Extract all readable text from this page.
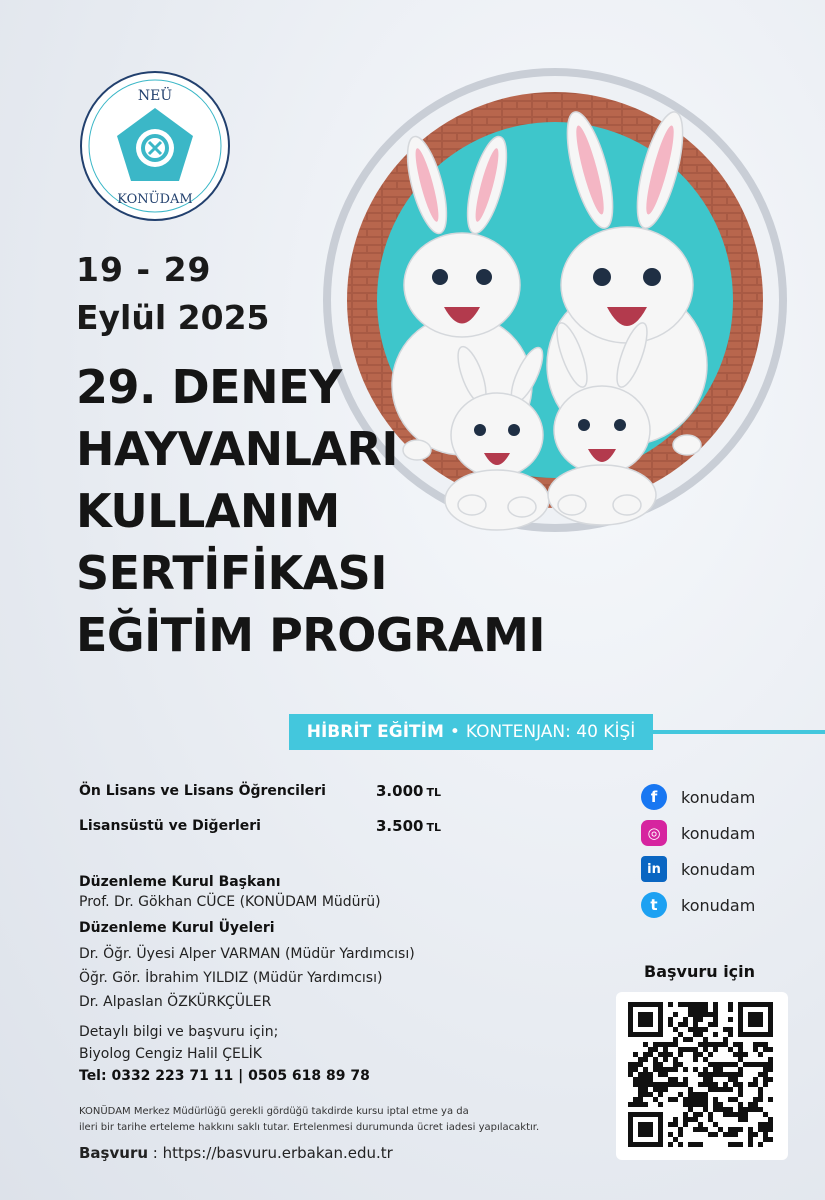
NEÜ
KONÜDAM
19 - 29
Eylül 2025
29. DENEY
HAYVANLARI
KULLANIM
SERTİFİKASI
EĞİTİM PROGRAMI
HİBRİT EĞİTİM • KONTENJAN: 40 KİŞİ
Ön Lisans ve Lisans Öğrencileri	3.000 TL
Lisansüstü ve Diğerleri	3.500 TL
Düzenleme Kurul Başkanı
Prof. Dr. Gökhan CÜCE (KONÜDAM Müdürü)
Düzenleme Kurul Üyeleri
Dr. Öğr. Üyesi Alper VARMAN (Müdür Yardımcısı)
Öğr. Gör. İbrahim YILDIZ (Müdür Yardımcısı)
Dr. Alpaslan ÖZKÜRKÇÜLER
Detaylı bilgi ve başvuru için;
Biyolog Cengiz Halil ÇELİK
Tel: 0332 223 71 11 | 0505 618 89 78
KONÜDAM Merkez Müdürlüğü gerekli gördüğü takdirde kursu iptal etme ya da
ileri bir tarihe erteleme hakkını saklı tutar. Ertelenmesi durumunda ücret iadesi yapılacaktır.
Başvuru : https://basvuru.erbakan.edu.tr
f	konudam
◎	konudam
in	konudam
t	konudam
Başvuru için
